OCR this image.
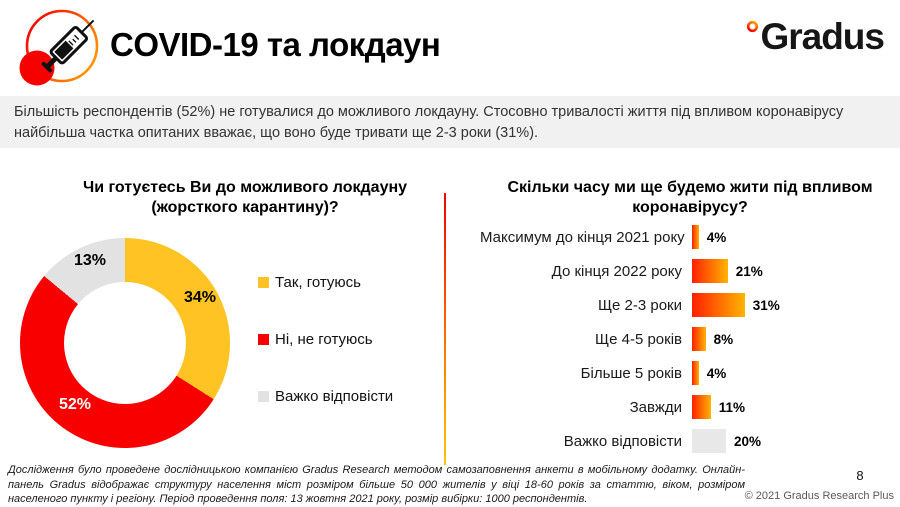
COVID-19 та локдаун	Gradus
Більшість респондентів (52%) не готувалися до можливого локдауну. Стосовно тривалості життя під впливом коронавірусу найбільша частка опитаних вважає, що воно буде тривати ще 2-3 роки (31%).
Чи готуєтесь Ви до можливого локдауну (жорсткого карантину)?
34%
52%
13%
Так, готуюсь
Ні, не готуюсь
Важко відповісти
Скільки часу ми ще будемо жити під впливом коронавірусу?
Максимум до кінця 2021 року 4%
До кінця 2022 року	21%
Ще 2-3 роки	31%
Ще 4-5 років 8%
Більше 5 років 4%
Завжди	11%
Важко відповісти	20%
Дослідження було проведене дослідницькою компанією Gradus Research методом самозаповнення анкети в мобільному додатку. Онлайн-панель Gradus відображає структуру населення міст розміром більше 50 000 жителів у віці 18-60 років за статтю, віком, розміром населеного пункту і регіону. Період проведення поля: 13 жовтня 2021 року, розмір вибірки: 1000 респондентів.
8
© 2021 Gradus Research Plus
